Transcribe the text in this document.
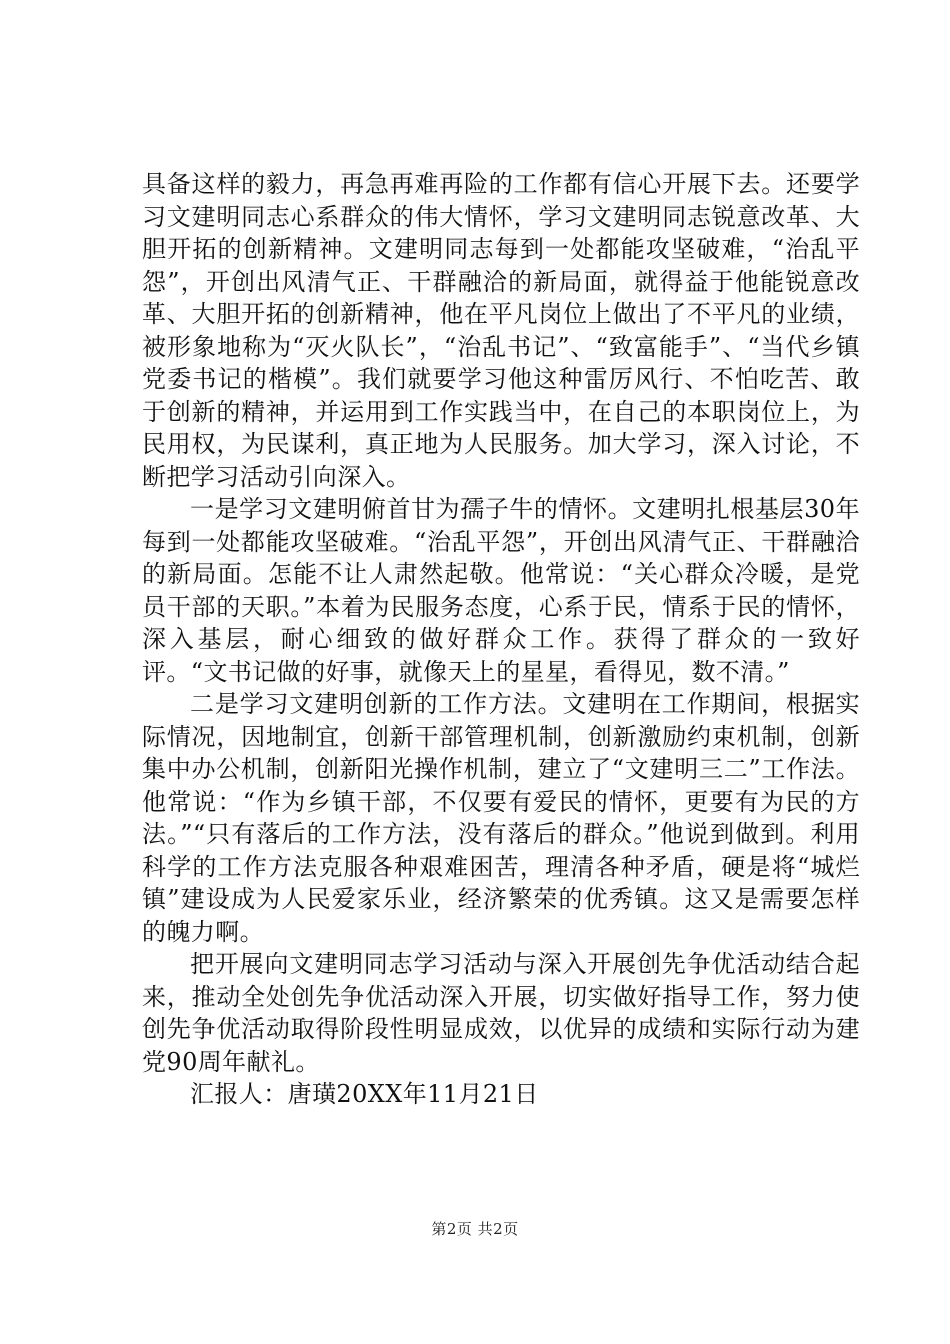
具备这样的毅力，再急再难再险的工作都有信心开展下去。还要学习文建明同志心系群众的伟大情怀，学习文建明同志锐意改革、大胆开拓的创新精神。文建明同志每到一处都能攻坚破难，“治乱平怨”，开创出风清气正、干群融洽的新局面，就得益于他能锐意改革、大胆开拓的创新精神，他在平凡岗位上做出了不平凡的业绩，被形象地称为“灭火队长”，“治乱书记”、“致富能手”、“当代乡镇党委书记的楷模”。我们就要学习他这种雷厉风行、不怕吃苦、敢于创新的精神，并运用到工作实践当中，在自己的本职岗位上，为民用权，为民谋利，真正地为人民服务。加大学习，深入讨论，不断把学习活动引向深入。

一是学习文建明俯首甘为孺子牛的情怀。文建明扎根基层30年每到一处都能攻坚破难。“治乱平怨”，开创出风清气正、干群融洽的新局面。怎能不让人肃然起敬。他常说：“关心群众冷暖，是党员干部的天职。”本着为民服务态度，心系于民，情系于民的情怀，深入基层，耐心细致的做好群众工作。获得了群众的一致好评。“文书记做的好事，就像天上的星星，看得见，数不清。”

二是学习文建明创新的工作方法。文建明在工作期间，根据实际情况，因地制宜，创新干部管理机制，创新激励约束机制，创新集中办公机制，创新阳光操作机制，建立了“文建明三二”工作法。他常说：“作为乡镇干部，不仅要有爱民的情怀，更要有为民的方法。”“只有落后的工作方法，没有落后的群众。”他说到做到。利用科学的工作方法克服各种艰难困苦，理清各种矛盾，硬是将“城烂镇”建设成为人民爱家乐业，经济繁荣的优秀镇。这又是需要怎样的魄力啊。

把开展向文建明同志学习活动与深入开展创先争优活动结合起来，推动全处创先争优活动深入开展，切实做好指导工作，努力使创先争优活动取得阶段性明显成效，以优异的成绩和实际行动为建党90周年献礼。

汇报人：唐璜20XX年11月21日

第2页 共2页
